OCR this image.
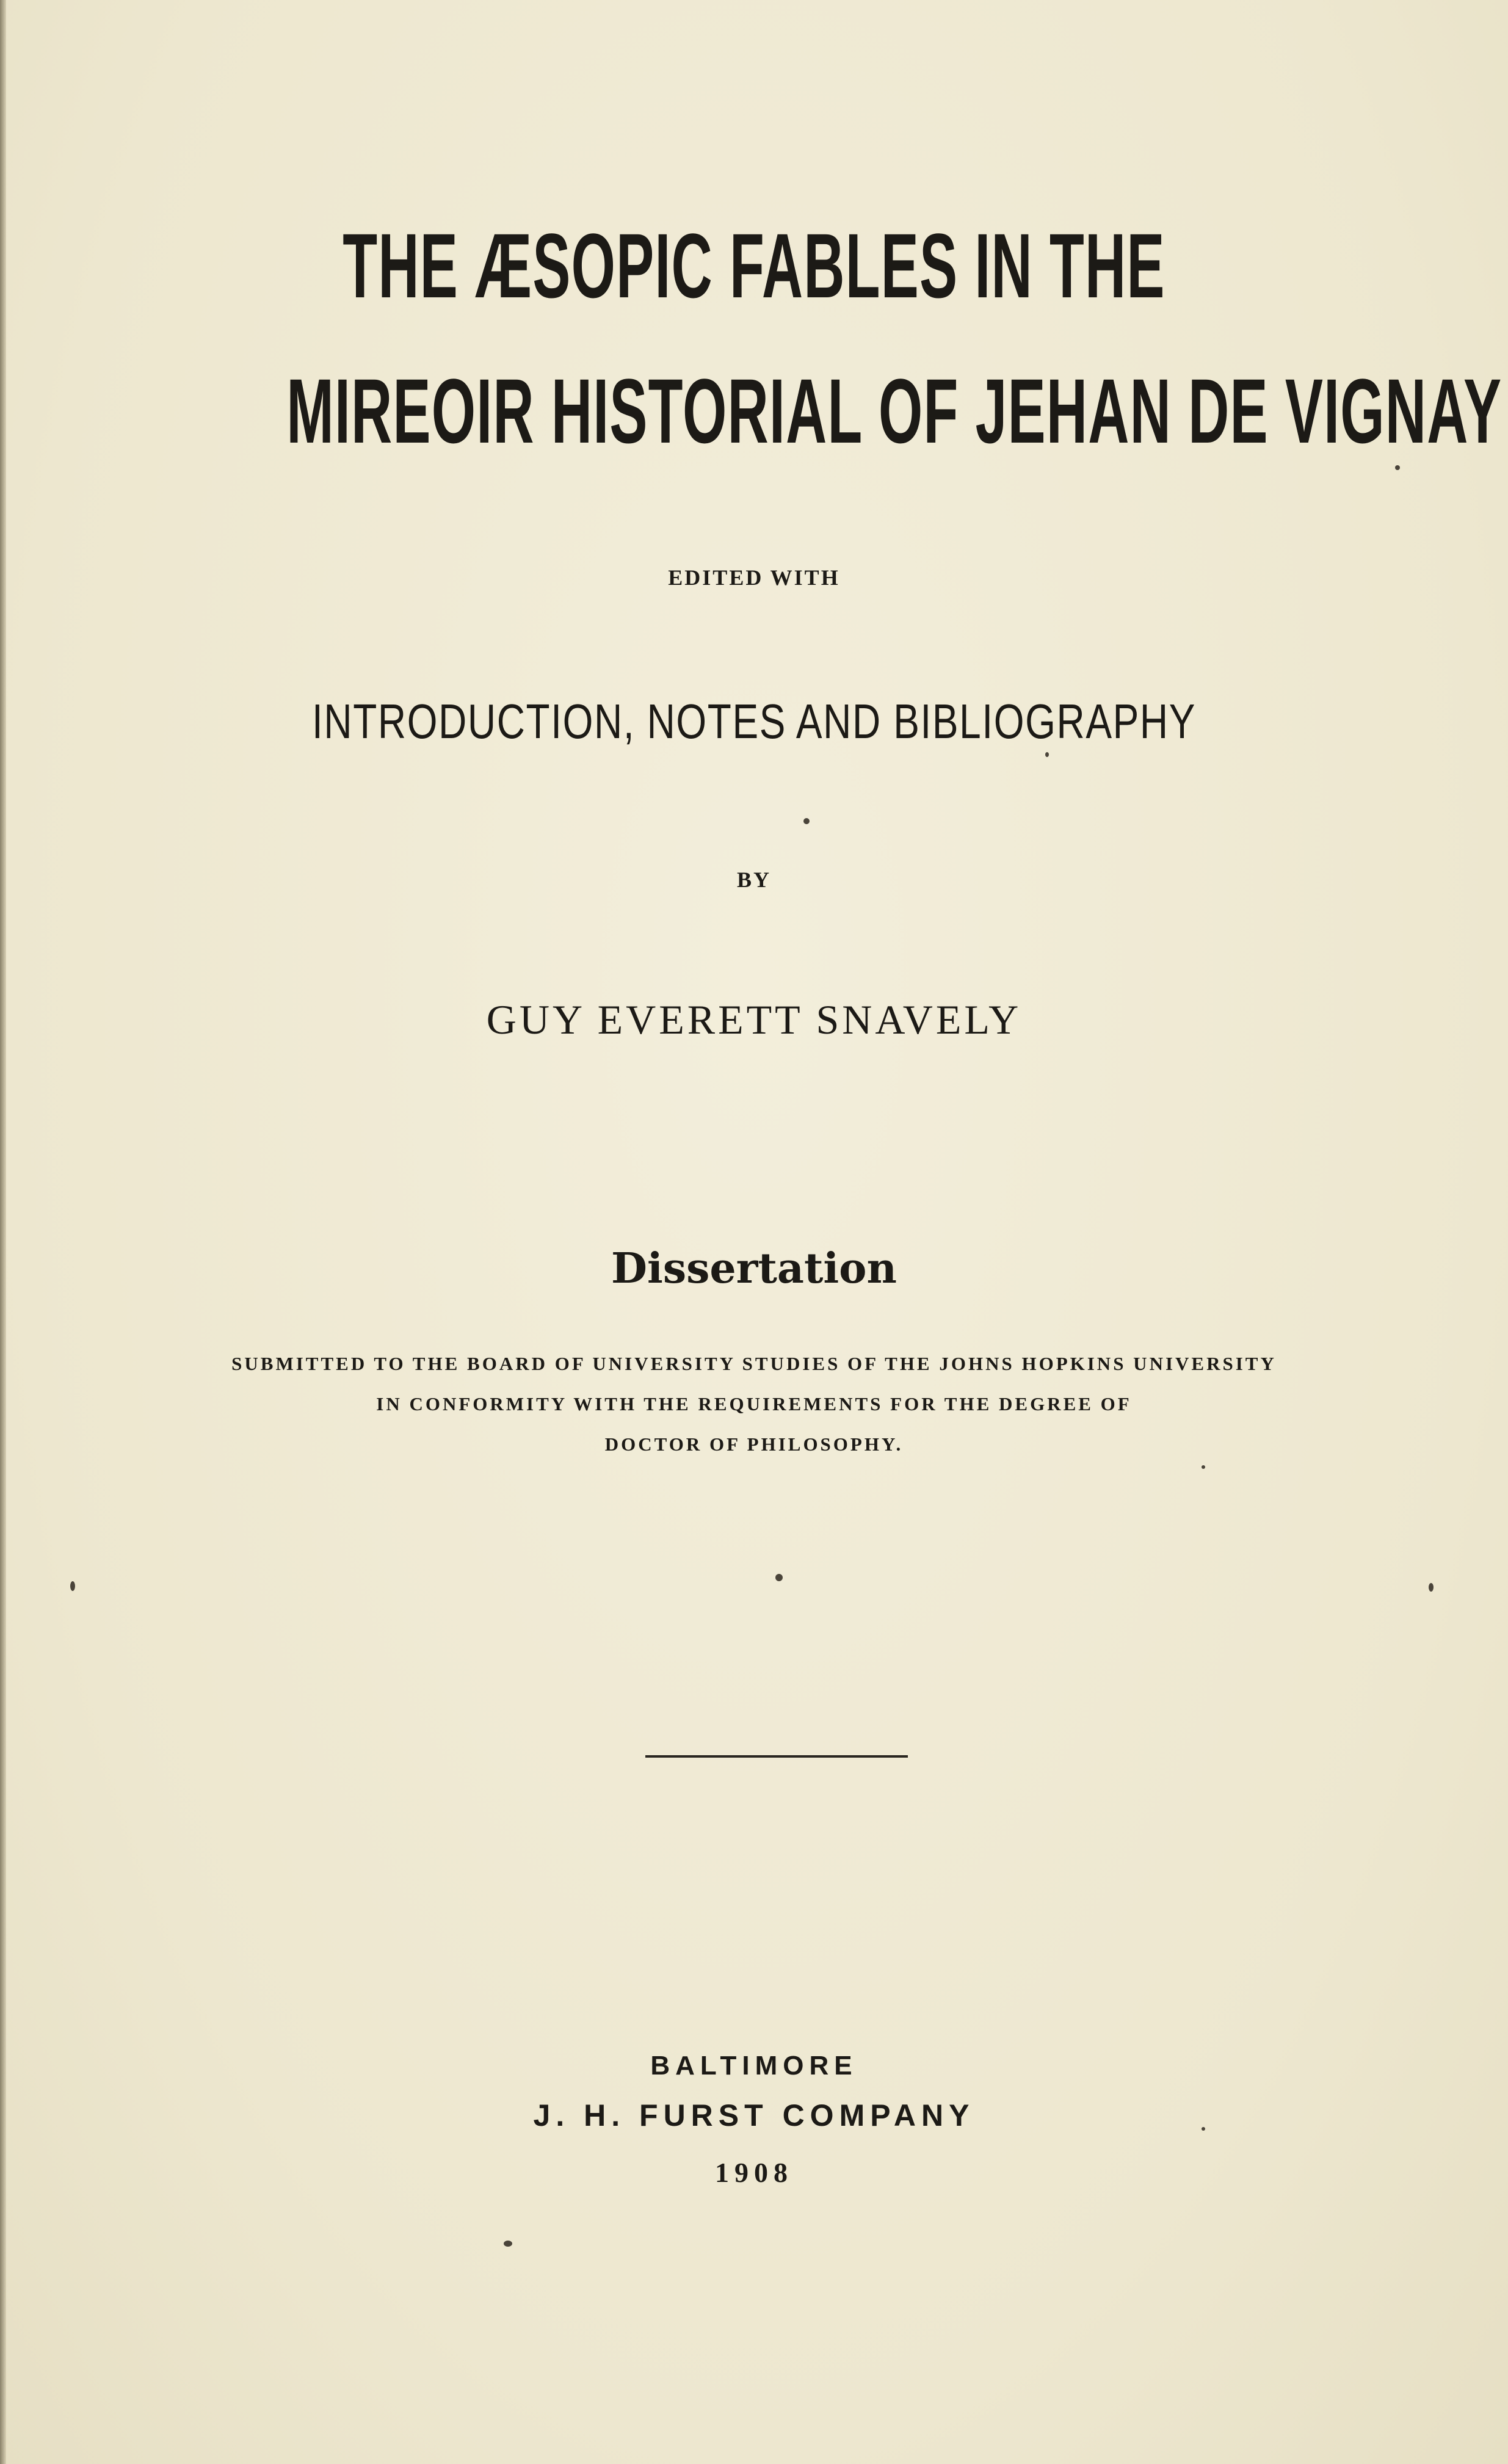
THE ÆSOPIC FABLES IN THE
MIREOIR HISTORIAL OF JEHAN DE VIGNAY
EDITED WITH
INTRODUCTION, NOTES AND BIBLIOGRAPHY
BY
GUY EVERETT SNAVELY
Dissertation
SUBMITTED TO THE BOARD OF UNIVERSITY STUDIES OF THE JOHNS HOPKINS UNIVERSITY
IN CONFORMITY WITH THE REQUIREMENTS FOR THE DEGREE OF
DOCTOR OF PHILOSOPHY.
BALTIMORE
J. H. FURST COMPANY
1908
